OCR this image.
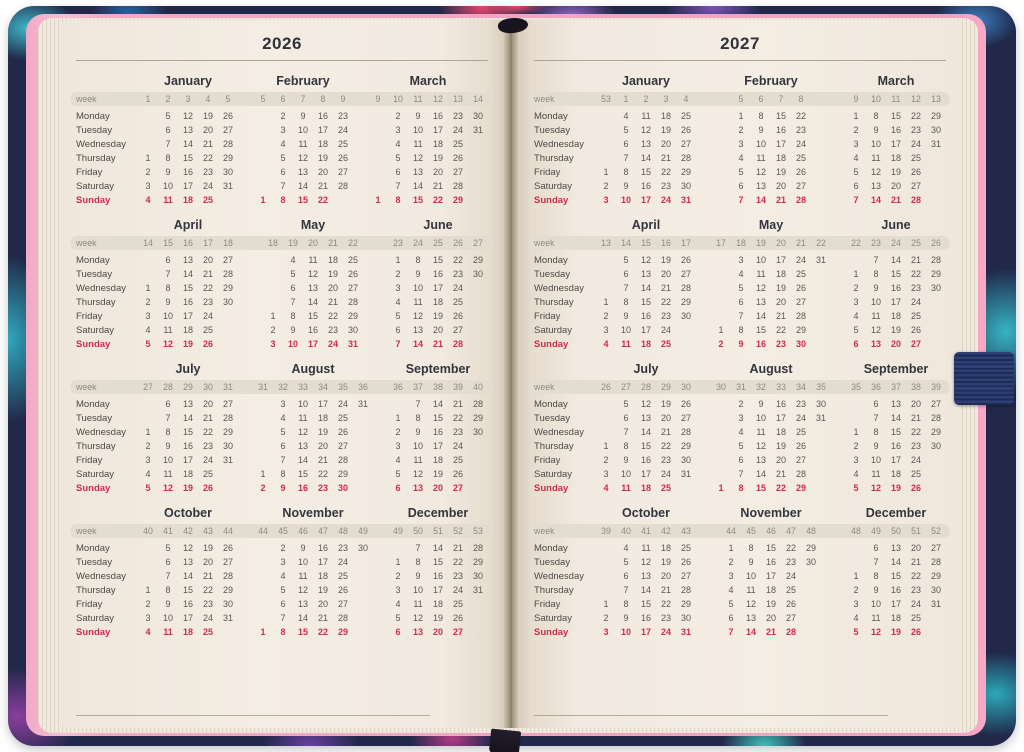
2026
January	February	March
week	1 2 3 4 5	5 6 7 8 9	9 10 11 12 13 14
Monday	5 12 19 26	2 9 16 23	2 9 16 23 30
Tuesday	6 13 20 27	3 10 17 24	3 10 17 24 31
Wednesday	7 14 21 28	4 11 18 25	4 11 18 25
Thursday	1 8 15 22 29	5 12 19 26	5 12 19 26
Friday	2 9 16 23 30	6 13 20 27	6 13 20 27
Saturday	3 10 17 24 31	7 14 21 28	7 14 21 28
Sunday	4 11 18 25	1 8 15 22	1 8 15 22 29
April	May	June
week	14 15 16 17 18	18 19 20 21 22	23 24 25 26 27
Monday	6 13 20 27	4 11 18 25	1 8 15 22 29
Tuesday	7 14 21 28	5 12 19 26	2 9 16 23 30
Wednesday	1 8 15 22 29	6 13 20 27	3 10 17 24
Thursday	2 9 16 23 30	7 14 21 28	4 11 18 25
Friday	3 10 17 24	1 8 15 22 29	5 12 19 26
Saturday	4 11 18 25	2 9 16 23 30	6 13 20 27
Sunday	5 12 19 26	3 10 17 24 31	7 14 21 28
July	August	September
week	27 28 29 30 31	31 32 33 34 35 36	36 37 38 39 40
Monday	6 13 20 27	3 10 17 24 31	7 14 21 28
Tuesday	7 14 21 28	4 11 18 25	1 8 15 22 29
Wednesday	1 8 15 22 29	5 12 19 26	2 9 16 23 30
Thursday	2 9 16 23 30	6 13 20 27	3 10 17 24
Friday	3 10 17 24 31	7 14 21 28	4 11 18 25
Saturday	4 11 18 25	1 8 15 22 29	5 12 19 26
Sunday	5 12 19 26	2 9 16 23 30	6 13 20 27
October	November	December
week	40 41 42 43 44	44 45 46 47 48 49	49 50 51 52 53
Monday	5 12 19 26	2 9 16 23 30	7 14 21 28
Tuesday	6 13 20 27	3 10 17 24	1 8 15 22 29
Wednesday	7 14 21 28	4 11 18 25	2 9 16 23 30
Thursday	1 8 15 22 29	5 12 19 26	3 10 17 24 31
Friday	2 9 16 23 30	6 13 20 27	4 11 18 25
Saturday	3 10 17 24 31	7 14 21 28	5 12 19 26
Sunday	4 11 18 25	1 8 15 22 29	6 13 20 27
2027
January	February	March
week	53 1 2 3 4	5 6 7 8	9 10 11 12 13
Monday	4 11 18 25	1 8 15 22	1 8 15 22 29
Tuesday	5 12 19 26	2 9 16 23	2 9 16 23 30
Wednesday	6 13 20 27	3 10 17 24	3 10 17 24 31
Thursday	7 14 21 28	4 11 18 25	4 11 18 25
Friday	1 8 15 22 29	5 12 19 26	5 12 19 26
Saturday	2 9 16 23 30	6 13 20 27	6 13 20 27
Sunday	3 10 17 24 31	7 14 21 28	7 14 21 28
April	May	June
week	13 14 15 16 17	17 18 19 20 21 22	22 23 24 25 26
Monday	5 12 19 26	3 10 17 24 31	7 14 21 28
Tuesday	6 13 20 27	4 11 18 25	1 8 15 22 29
Wednesday	7 14 21 28	5 12 19 26	2 9 16 23 30
Thursday	1 8 15 22 29	6 13 20 27	3 10 17 24
Friday	2 9 16 23 30	7 14 21 28	4 11 18 25
Saturday	3 10 17 24	1 8 15 22 29	5 12 19 26
Sunday	4 11 18 25	2 9 16 23 30	6 13 20 27
July	August	September
week	26 27 28 29 30	30 31 32 33 34 35	35 36 37 38 39
Monday	5 12 19 26	2 9 16 23 30	6 13 20 27
Tuesday	6 13 20 27	3 10 17 24 31	7 14 21 28
Wednesday	7 14 21 28	4 11 18 25	1 8 15 22 29
Thursday	1 8 15 22 29	5 12 19 26	2 9 16 23 30
Friday	2 9 16 23 30	6 13 20 27	3 10 17 24
Saturday	3 10 17 24 31	7 14 21 28	4 11 18 25
Sunday	4 11 18 25	1 8 15 22 29	5 12 19 26
October	November	December
week	39 40 41 42 43	44 45 46 47 48	48 49 50 51 52
Monday	4 11 18 25	1 8 15 22 29	6 13 20 27
Tuesday	5 12 19 26	2 9 16 23 30	7 14 21 28
Wednesday	6 13 20 27	3 10 17 24	1 8 15 22 29
Thursday	7 14 21 28	4 11 18 25	2 9 16 23 30
Friday	1 8 15 22 29	5 12 19 26	3 10 17 24 31
Saturday	2 9 16 23 30	6 13 20 27	4 11 18 25
Sunday	3 10 17 24 31	7 14 21 28	5 12 19 26
